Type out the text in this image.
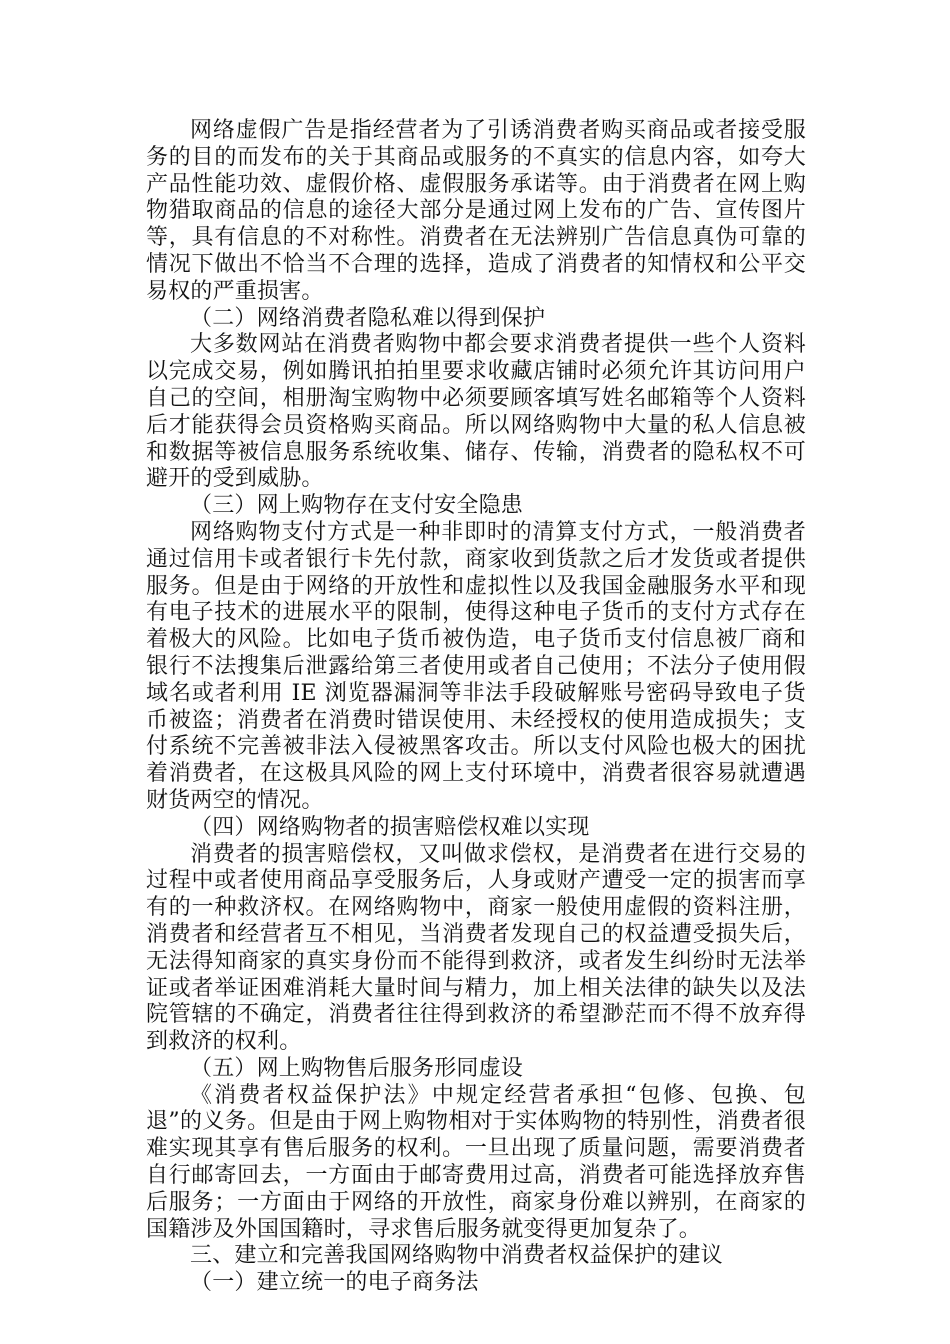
网络虚假广告是指经营者为了引诱消费者购买商品或者接受服务的目的而发布的关于其商品或服务的不真实的信息内容，如夸大产品性能功效、虚假价格、虚假服务承诺等。由于消费者在网上购物猎取商品的信息的途径大部分是通过网上发布的广告、宣传图片等，具有信息的不对称性。消费者在无法辨别广告信息真伪可靠的情况下做出不恰当不合理的选择，造成了消费者的知情权和公平交易权的严重损害。

（二）网络消费者隐私难以得到保护

大多数网站在消费者购物中都会要求消费者提供一些个人资料以完成交易，例如腾讯拍拍里要求收藏店铺时必须允许其访问用户自己的空间，相册淘宝购物中必须要顾客填写姓名邮箱等个人资料后才能获得会员资格购买商品。所以网络购物中大量的私人信息被和数据等被信息服务系统收集、储存、传输，消费者的隐私权不可避开的受到威胁。

（三）网上购物存在支付安全隐患

网络购物支付方式是一种非即时的清算支付方式，一般消费者通过信用卡或者银行卡先付款，商家收到货款之后才发货或者提供服务。但是由于网络的开放性和虚拟性以及我国金融服务水平和现有电子技术的进展水平的限制，使得这种电子货币的支付方式存在着极大的风险。比如电子货币被伪造，电子货币支付信息被厂商和银行不法搜集后泄露给第三者使用或者自己使用；不法分子使用假域名或者利用 IE 浏览器漏洞等非法手段破解账号密码导致电子货币被盗；消费者在消费时错误使用、未经授权的使用造成损失；支付系统不完善被非法入侵被黑客攻击。所以支付风险也极大的困扰着消费者，在这极具风险的网上支付环境中，消费者很容易就遭遇财货两空的情况。

（四）网络购物者的损害赔偿权难以实现

消费者的损害赔偿权，又叫做求偿权，是消费者在进行交易的过程中或者使用商品享受服务后，人身或财产遭受一定的损害而享有的一种救济权。在网络购物中，商家一般使用虚假的资料注册，消费者和经营者互不相见，当消费者发现自己的权益遭受损失后，无法得知商家的真实身份而不能得到救济，或者发生纠纷时无法举证或者举证困难消耗大量时间与精力，加上相关法律的缺失以及法院管辖的不确定，消费者往往得到救济的希望渺茫而不得不放弃得到救济的权利。

（五）网上购物售后服务形同虚设

《消费者权益保护法》中规定经营者承担“包修、包换、包退”的义务。但是由于网上购物相对于实体购物的特别性，消费者很难实现其享有售后服务的权利。一旦出现了质量问题，需要消费者自行邮寄回去，一方面由于邮寄费用过高，消费者可能选择放弃售后服务；一方面由于网络的开放性，商家身份难以辨别，在商家的国籍涉及外国国籍时，寻求售后服务就变得更加复杂了。

三、建立和完善我国网络购物中消费者权益保护的建议

（一）建立统一的电子商务法
